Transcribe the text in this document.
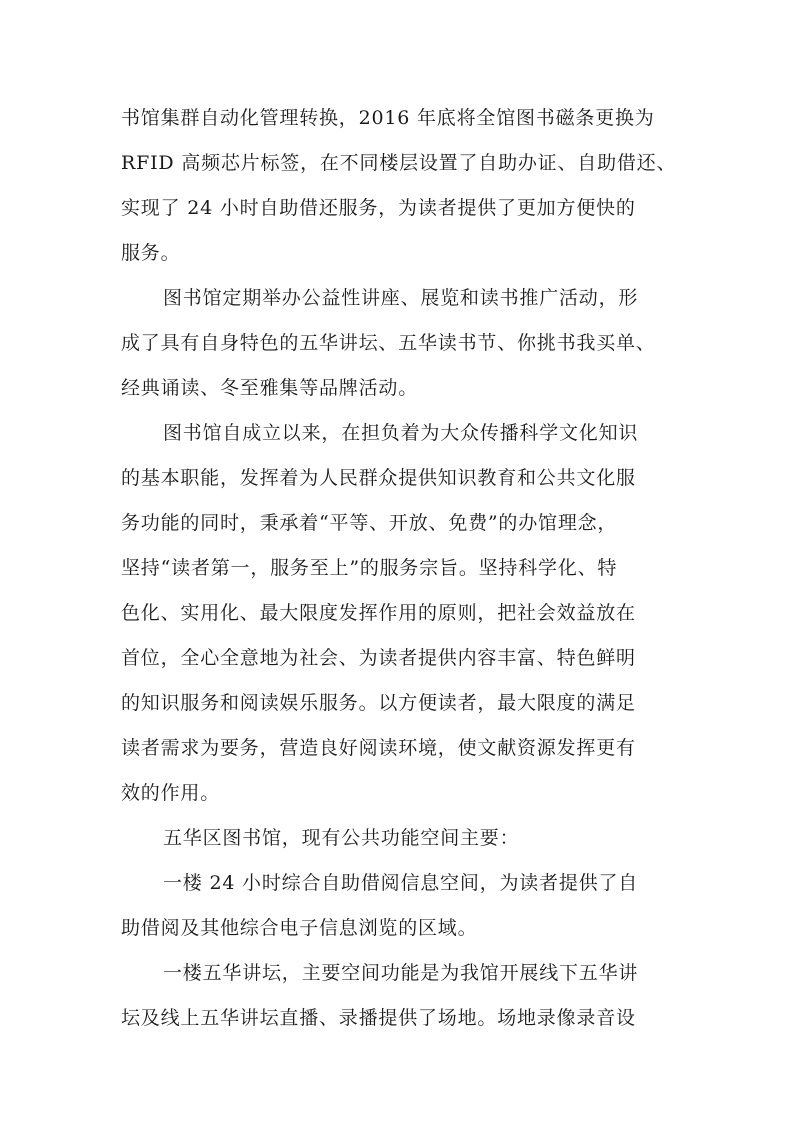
书馆集群自动化管理转换，2016 年底将全馆图书磁条更换为
RFID 高频芯片标签，在不同楼层设置了自助办证、自助借还、
实现了 24 小时自助借还服务，为读者提供了更加方便快的
服务。
图书馆定期举办公益性讲座、展览和读书推广活动，形
成了具有自身特色的五华讲坛、五华读书节、你挑书我买单、
经典诵读、冬至雅集等品牌活动。
图书馆自成立以来，在担负着为大众传播科学文化知识
的基本职能，发挥着为人民群众提供知识教育和公共文化服
务功能的同时，秉承着“平等、开放、免费”的办馆理念，
坚持“读者第一，服务至上”的服务宗旨。坚持科学化、特
色化、实用化、最大限度发挥作用的原则，把社会效益放在
首位，全心全意地为社会、为读者提供内容丰富、特色鲜明
的知识服务和阅读娱乐服务。以方便读者，最大限度的满足
读者需求为要务，营造良好阅读环境，使文献资源发挥更有
效的作用。
五华区图书馆，现有公共功能空间主要：
一楼 24 小时综合自助借阅信息空间，为读者提供了自
助借阅及其他综合电子信息浏览的区域。
一楼五华讲坛，主要空间功能是为我馆开展线下五华讲
坛及线上五华讲坛直播、录播提供了场地。场地录像录音设
